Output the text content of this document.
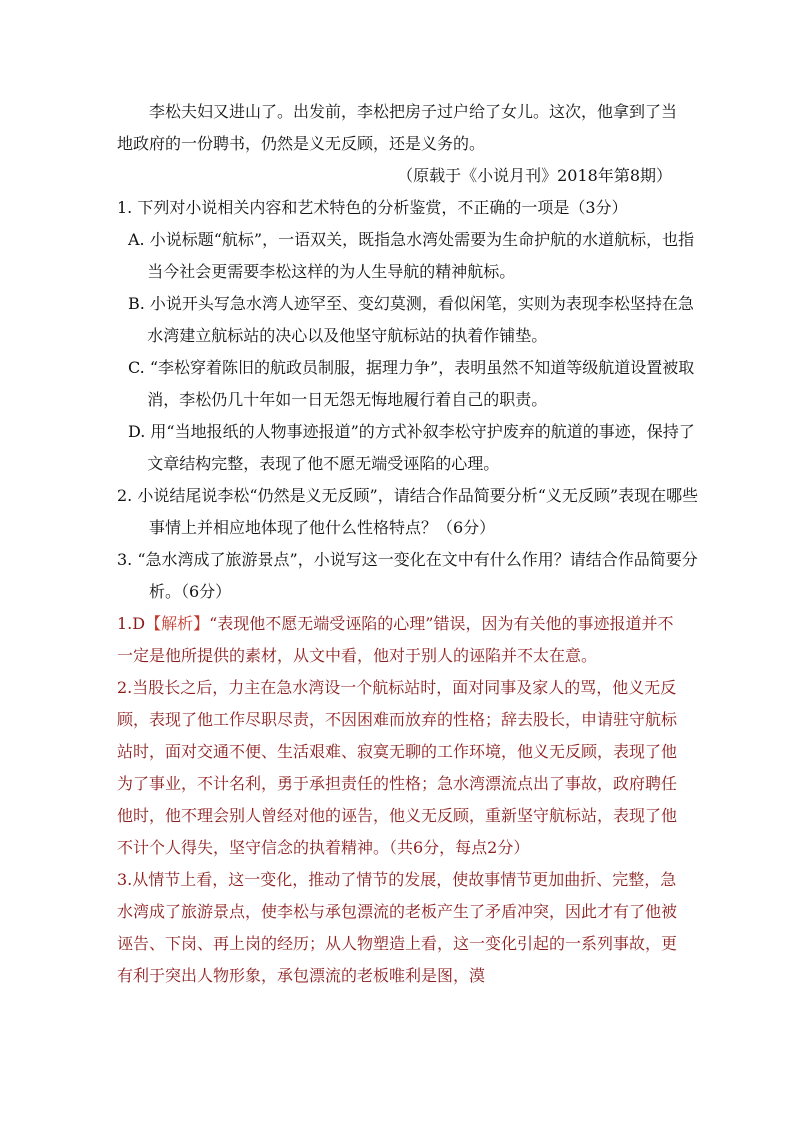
李松夫妇又进山了。出发前，李松把房子过户给了女儿。这次，他拿到了当地政府的一份聘书，仍然是义无反顾，还是义务的。

（原载于《小说月刊》2018年第8期）

1. 下列对小说相关内容和艺术特色的分析鉴赏，不正确的一项是（3分）

A. 小说标题“航标”，一语双关，既指急水湾处需要为生命护航的水道航标，也指当今社会更需要李松这样的为人生导航的精神航标。

B. 小说开头写急水湾人迹罕至、变幻莫测，看似闲笔，实则为表现李松坚持在急水湾建立航标站的决心以及他坚守航标站的执着作铺垫。

C. “李松穿着陈旧的航政员制服，据理力争”，表明虽然不知道等级航道设置被取消，李松仍几十年如一日无怨无悔地履行着自己的职责。

D. 用“当地报纸的人物事迹报道”的方式补叙李松守护废弃的航道的事迹，保持了文章结构完整，表现了他不愿无端受诬陷的心理。

2. 小说结尾说李松“仍然是义无反顾”，请结合作品简要分析“义无反顾”表现在哪些事情上并相应地体现了他什么性格特点？（6分）

3. “急水湾成了旅游景点”，小说写这一变化在文中有什么作用？请结合作品简要分析。（6分）

1.D【解析】“表现他不愿无端受诬陷的心理”错误，因为有关他的事迹报道并不一定是他所提供的素材，从文中看，他对于别人的诬陷并不太在意。

2.当股长之后，力主在急水湾设一个航标站时，面对同事及家人的骂，他义无反顾，表现了他工作尽职尽责，不因困难而放弃的性格；辞去股长，申请驻守航标站时，面对交通不便、生活艰难、寂寞无聊的工作环境，他义无反顾，表现了他为了事业，不计名利，勇于承担责任的性格；急水湾漂流点出了事故，政府聘任他时，他不理会别人曾经对他的诬告，他义无反顾，重新坚守航标站，表现了他不计个人得失，坚守信念的执着精神。（共6分，每点2分）

3.从情节上看，这一变化，推动了情节的发展，使故事情节更加曲折、完整，急水湾成了旅游景点，使李松与承包漂流的老板产生了矛盾冲突，因此才有了他被诬告、下岗、再上岗的经历；从人物塑造上看，这一变化引起的一系列事故，更有利于突出人物形象，承包漂流的老板唯利是图，漠
